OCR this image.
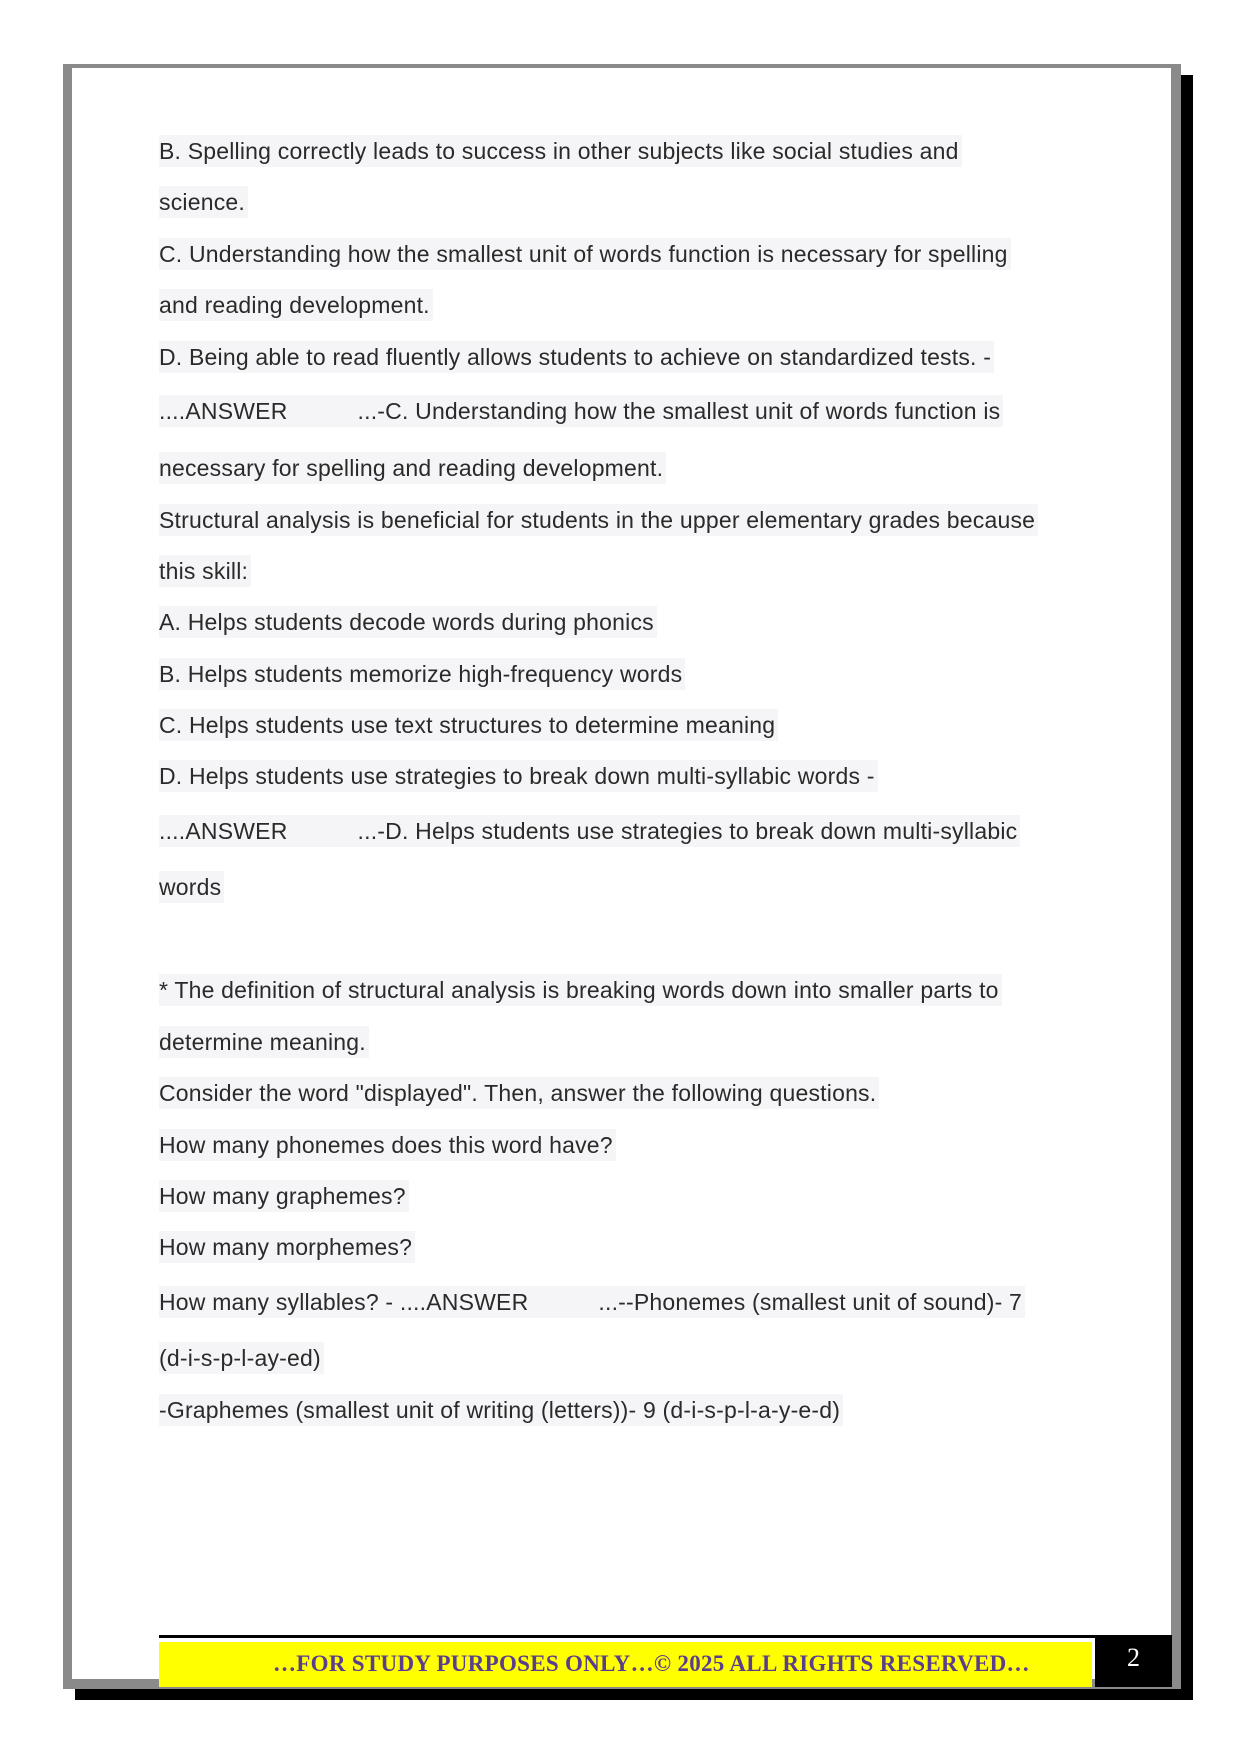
B. Spelling correctly leads to success in other subjects like social studies and
science.
C. Understanding how the smallest unit of words function is necessary for spelling
and reading development.
D. Being able to read fluently allows students to achieve on standardized tests. -
....ANSWER	...-C. Understanding how the smallest unit of words function is
necessary for spelling and reading development.
Structural analysis is beneficial for students in the upper elementary grades because
this skill:
A. Helps students decode words during phonics
B. Helps students memorize high-frequency words
C. Helps students use text structures to determine meaning
D. Helps students use strategies to break down multi-syllabic words -
....ANSWER	...-D. Helps students use strategies to break down multi-syllabic
words
* The definition of structural analysis is breaking words down into smaller parts to
determine meaning.
Consider the word "displayed". Then, answer the following questions.
How many phonemes does this word have?
How many graphemes?
How many morphemes?
How many syllables? - ....ANSWER	...--Phonemes (smallest unit of sound)- 7
(d-i-s-p-l-ay-ed)
-Graphemes (smallest unit of writing (letters))- 9 (d-i-s-p-l-a-y-e-d)
…FOR STUDY PURPOSES ONLY…© 2025 ALL RIGHTS RESERVED…	2
